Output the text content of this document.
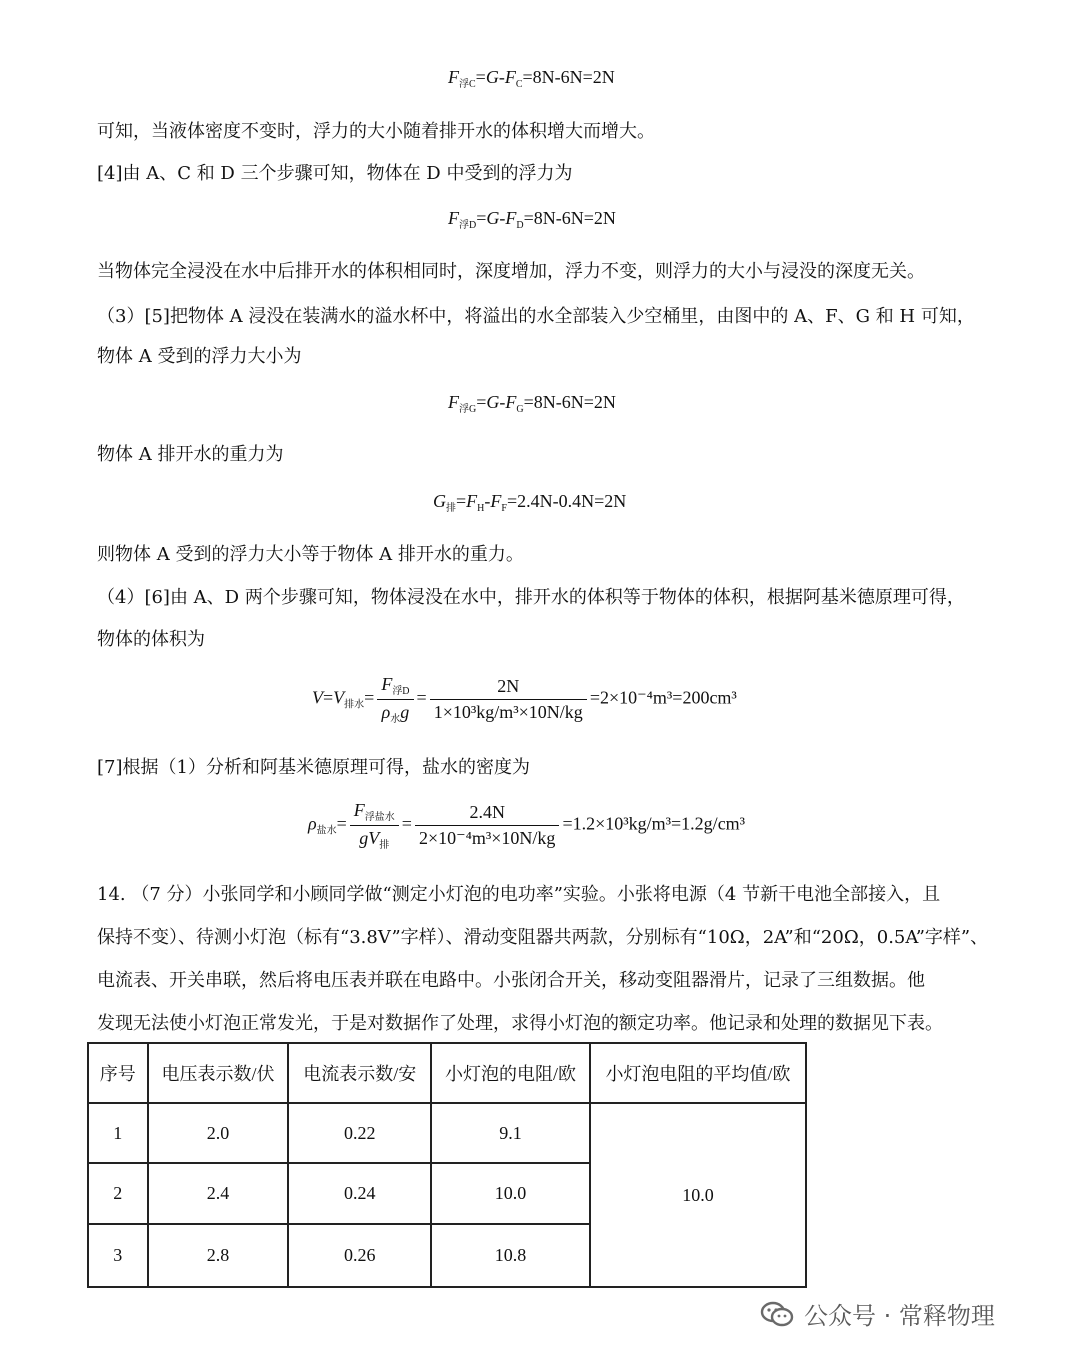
$F_{浮C}=G-F_C=8N-6N=2N$
可知，当液体密度不变时，浮力的大小随着排开水的体积增大而增大。
[4]由 A、C 和 D 三个步骤可知，物体在 D 中受到的浮力为
$F_{浮D}=G-F_D=8N-6N=2N$
当物体完全浸没在水中后排开水的体积相同时，深度增加，浮力不变，则浮力的大小与浸没的深度无关。
（3）[5]把物体 A 浸没在装满水的溢水杯中，将溢出的水全部装入少空桶里，由图中的 A、F、G 和 H 可知，
物体 A 受到的浮力大小为
$F_{浮G}=G-F_G=8N-6N=2N$
物体 A 排开水的重力为
$G_排=F_H-F_F=2.4N-0.4N=2N$
则物体 A 受到的浮力大小等于物体 A 排开水的重力。
（4）[6]由 A、D 两个步骤可知，物体浸没在水中，排开水的体积等于物体的体积，根据阿基米德原理可得，
物体的体积为
$V=V_{排水}= \frac{F_{浮D}}{\rho_水g} = \frac{2N}{\text{1×10³kg/m³×10N/kg}} =2\times 10^{-4}m^3=200cm^3$
[7]根据（1）分析和阿基米德原理可得，盐水的密度为
$\rho_{盐水}= \frac{F_{浮盐水}}{gV_排} = \frac{2.4N}{\text{2×10⁻⁴m³×10N/kg}} =1.2\times 10^3kg/m^3=1.2g/cm^3$
14. （7 分）小张同学和小顾同学做“测定小灯泡的电功率”实验。小张将电源（4 节新干电池全部接入，且
保持不变）、待测小灯泡（标有“3.8V”字样）、滑动变阻器共两款，分别标有“10Ω，2A”和“20Ω，0.5A”字样”、
电流表、开关串联，然后将电压表并联在电路中。小张闭合开关，移动变阻器滑片，记录了三组数据。他
发现无法使小灯泡正常发光，于是对数据作了处理，求得小灯泡的额定功率。他记录和处理的数据见下表。
序号	电压表示数/伏	电流表示数/安	小灯泡的电阻/欧	小灯泡电阻的平均值/欧
1	2.0	0.22	9.1	10.0
2	2.4	0.24	10.0	
3	2.8	0.26	10.8	
公众号 · 常释物理
